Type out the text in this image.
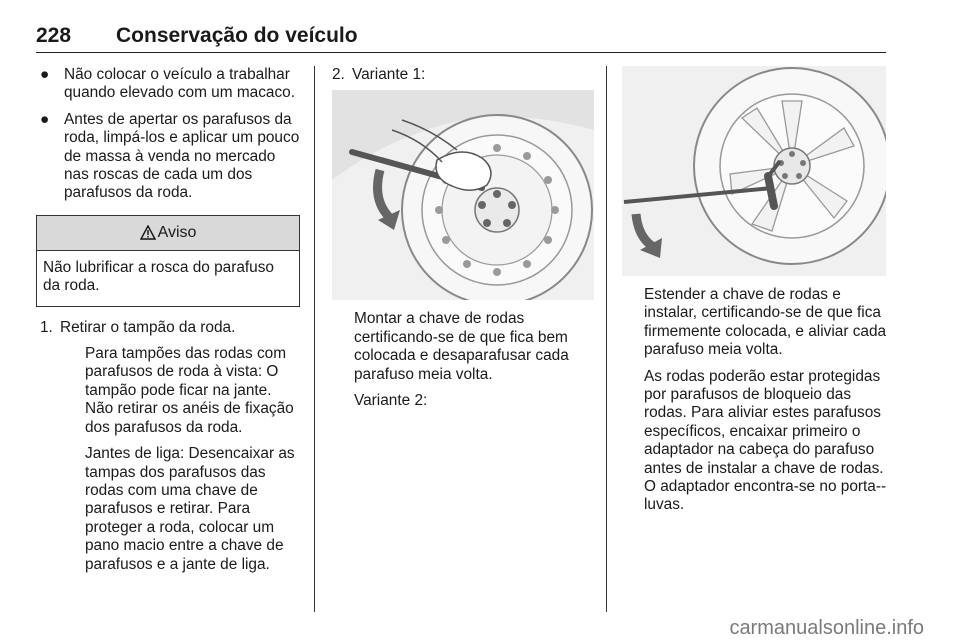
228 Conservação do veículo
● Não colocar o veículo a trabalhar quando elevado com um macaco.
● Antes de apertar os parafusos da roda, limpá-los e aplicar um pouco de massa à venda no mercado nas roscas de cada um dos parafusos da roda.
Aviso
Não lubrificar a rosca do parafuso da roda.
1. Retirar o tampão da roda.
Para tampões das rodas com parafusos de roda à vista: O tampão pode ficar na jante. Não retirar os anéis de fixação dos parafusos da roda.
Jantes de liga: Desencaixar as tampas dos parafusos das rodas com uma chave de parafusos e retirar. Para proteger a roda, colocar um pano macio entre a chave de parafusos e a jante de liga.
2. Variante 1:
Montar a chave de rodas certificando-se de que fica bem colocada e desaparafusar cada parafuso meia volta.
Variante 2:
Estender a chave de rodas e instalar, certificando-se de que fica firmemente colocada, e aliviar cada parafuso meia volta.
As rodas poderão estar protegidas por parafusos de bloqueio das rodas. Para aliviar estes parafusos específicos, encaixar primeiro o adaptador na cabeça do parafuso antes de instalar a chave de rodas. O adaptador encontra-se no porta--luvas.
carmanualsonline.info
